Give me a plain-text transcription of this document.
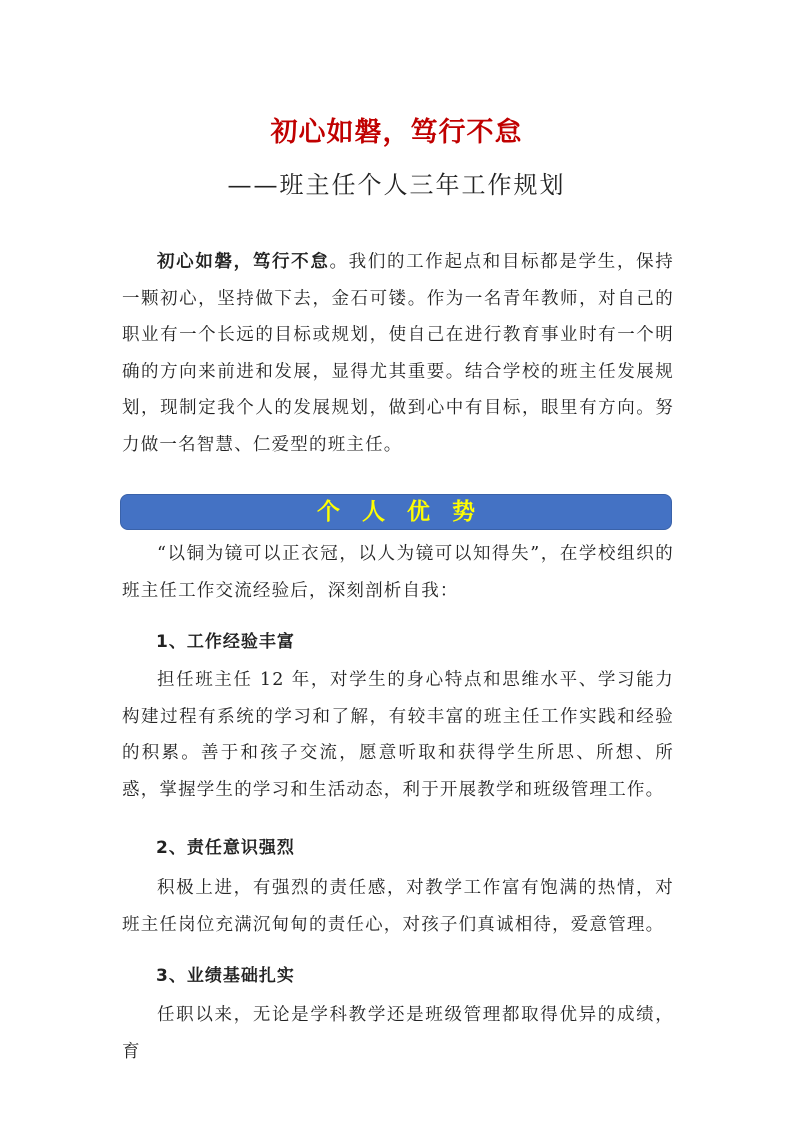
初心如磐，笃行不怠
——班主任个人三年工作规划
初心如磐，笃行不怠。我们的工作起点和目标都是学生，保持一颗初心，坚持做下去，金石可镂。作为一名青年教师，对自己的职业有一个长远的目标或规划，使自己在进行教育事业时有一个明确的方向来前进和发展，显得尤其重要。结合学校的班主任发展规划，现制定我个人的发展规划，做到心中有目标，眼里有方向。努力做一名智慧、仁爱型的班主任。
个人优势
“以铜为镜可以正衣冠，以人为镜可以知得失”，在学校组织的班主任工作交流经验后，深刻剖析自我：
1、工作经验丰富
担任班主任 12 年，对学生的身心特点和思维水平、学习能力构建过程有系统的学习和了解，有较丰富的班主任工作实践和经验的积累。善于和孩子交流，愿意听取和获得学生所思、所想、所惑，掌握学生的学习和生活动态，利于开展教学和班级管理工作。
2、责任意识强烈
积极上进，有强烈的责任感，对教学工作富有饱满的热情，对班主任岗位充满沉甸甸的责任心，对孩子们真诚相待，爱意管理。
3、业绩基础扎实
任职以来，无论是学科教学还是班级管理都取得优异的成绩，育
